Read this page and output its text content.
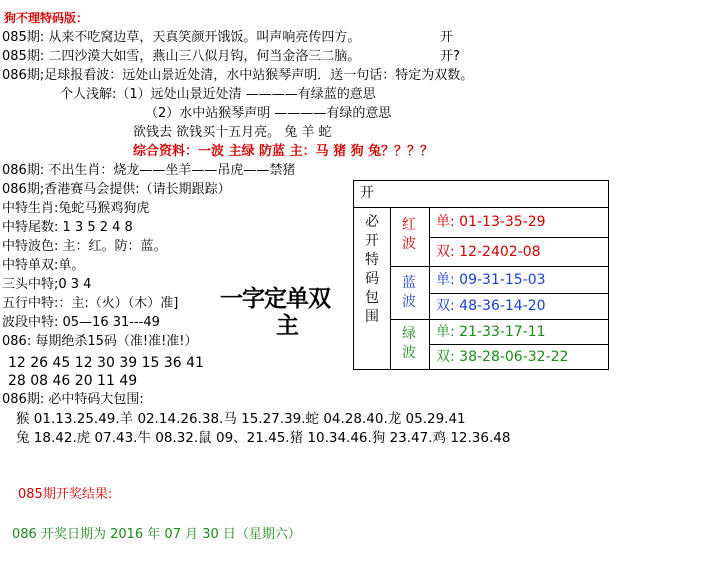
狗不理特码版：
085期: 从来不吃窝边草，天真笑颜开饿饭。叫声响亮传四方。	开
085期: 二四沙漠大如雪，燕山三八似月钩，何当金洛三二脑。	开?
086期;足球报看波：远处山景近处清，水中站猴琴声明．送一句话：特定为双数。
个人浅解:（1）远处山景近处清 ————有绿蓝的意思
（2）水中站猴琴声明 ————有绿的意思
欲钱去 欲钱买十五月亮。 兔 羊 蛇
综合资料：一波 主绿 防蓝 主：马 猪 狗 兔？？？？
086期: 不出生肖：烧龙——坐羊——吊虎——禁猪
086期;香港赛马会提供:（请长期跟踪）
中特生肖:兔蛇马猴鸡狗虎
中特尾数: 1 3 5 2 4 8
中特波色: 主：红。防：蓝。
中特单双:单。
三头中特;0 3 4
五行中特:：主:（火）（木）准]
波段中特: 05—16 31---49
086: 每期绝杀15码（准!准!准!）
12 26 45 12 30 39 15 36 41
28 08 46 20 11 49
086期: 必中特码大包围:
猴 01.13.25.49.羊 02.14.26.38.马 15.27.39.蛇 04.28.40.龙 05.29.41
兔 18.42.虎 07.43.牛 08.32.鼠 09、21.45.猪 10.34.46.狗 23.47.鸡 12.36.48
085期开奖结果:
086 开奖日期为 2016 年 07 月 30 日（星期六）
一字定单双
主
开
必
开
特
码
包
围
红
波
单: 01-13-35-29
双: 12-2402-08
蓝
波
单: 09-31-15-03
双: 48-36-14-20
绿
波
单: 21-33-17-11
双: 38-28-06-32-22
